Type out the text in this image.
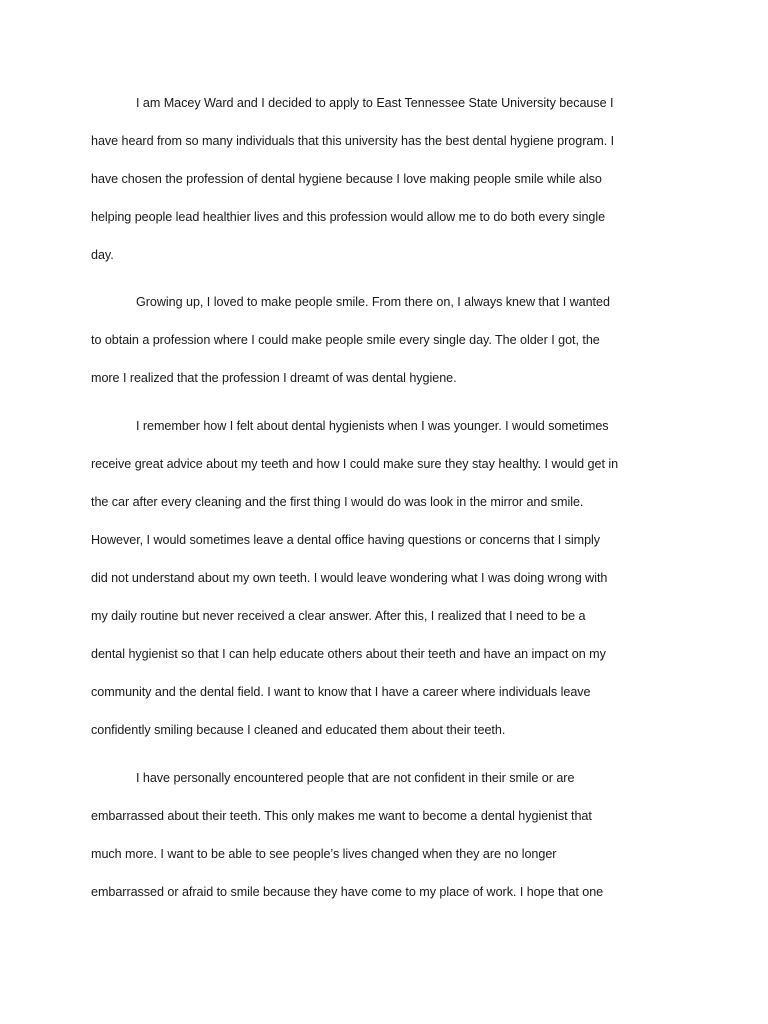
I am Macey Ward and I decided to apply to East Tennessee State University because I
have heard from so many individuals that this university has the best dental hygiene program. I
have chosen the profession of dental hygiene because I love making people smile while also
helping people lead healthier lives and this profession would allow me to do both every single
day.
Growing up, I loved to make people smile. From there on, I always knew that I wanted
to obtain a profession where I could make people smile every single day. The older I got, the
more I realized that the profession I dreamt of was dental hygiene.
I remember how I felt about dental hygienists when I was younger. I would sometimes
receive great advice about my teeth and how I could make sure they stay healthy. I would get in
the car after every cleaning and the first thing I would do was look in the mirror and smile.
However, I would sometimes leave a dental office having questions or concerns that I simply
did not understand about my own teeth. I would leave wondering what I was doing wrong with
my daily routine but never received a clear answer. After this, I realized that I need to be a
dental hygienist so that I can help educate others about their teeth and have an impact on my
community and the dental field. I want to know that I have a career where individuals leave
confidently smiling because I cleaned and educated them about their teeth.
I have personally encountered people that are not confident in their smile or are
embarrassed about their teeth. This only makes me want to become a dental hygienist that
much more. I want to be able to see people’s lives changed when they are no longer
embarrassed or afraid to smile because they have come to my place of work. I hope that one
